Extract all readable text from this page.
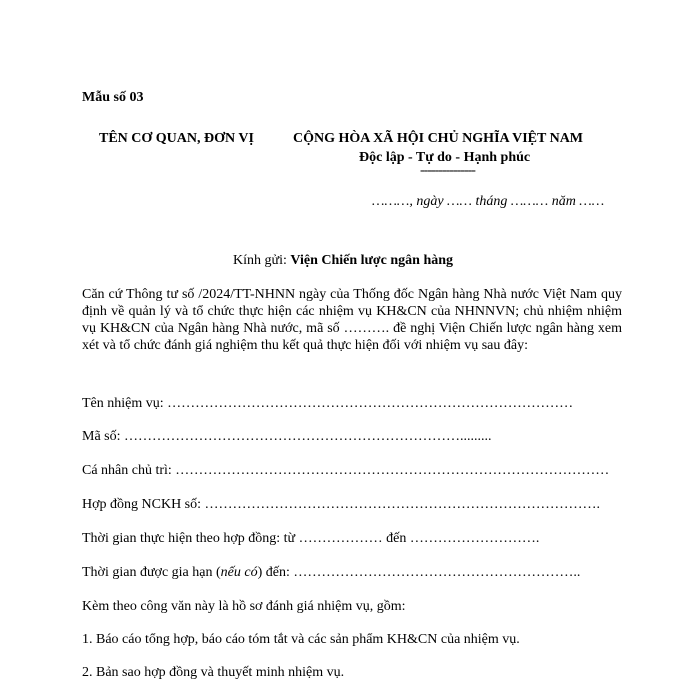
Mẫu số 03
TÊN CƠ QUAN, ĐƠN VỊ	CỘNG HÒA XÃ HỘI CHỦ NGHĨA VIỆT NAM
Độc lập - Tự do - Hạnh phúc
---------------
………, ngày …… tháng ……… năm ……
Kính gửi: Viện Chiến lược ngân hàng

Căn cứ Thông tư số /2024/TT-NHNN ngày của Thống đốc Ngân hàng Nhà nước Việt Nam quy định về quản lý và tổ chức thực hiện các nhiệm vụ KH&CN của NHNNVN; chủ nhiệm nhiệm vụ KH&CN của Ngân hàng Nhà nước, mã số ………. đề nghị Viện Chiến lược ngân hàng xem xét và tổ chức đánh giá nghiệm thu kết quả thực hiện đối với nhiệm vụ sau đây:

Tên nhiệm vụ: ……………………………………………………………………………
Mã số: ……………………………………………………………….........
Cá nhân chủ trì: …………………………………………………………………………………
Hợp đồng NCKH số: ………………………………………………………………………….
Thời gian thực hiện theo hợp đồng: từ ……………… đến ……………………….
Thời gian được gia hạn (nếu có) đến: ……………………………………………………..
Kèm theo công văn này là hồ sơ đánh giá nhiệm vụ, gồm:
1. Báo cáo tổng hợp, báo cáo tóm tắt và các sản phẩm KH&CN của nhiệm vụ.
2. Bản sao hợp đồng và thuyết minh nhiệm vụ.
